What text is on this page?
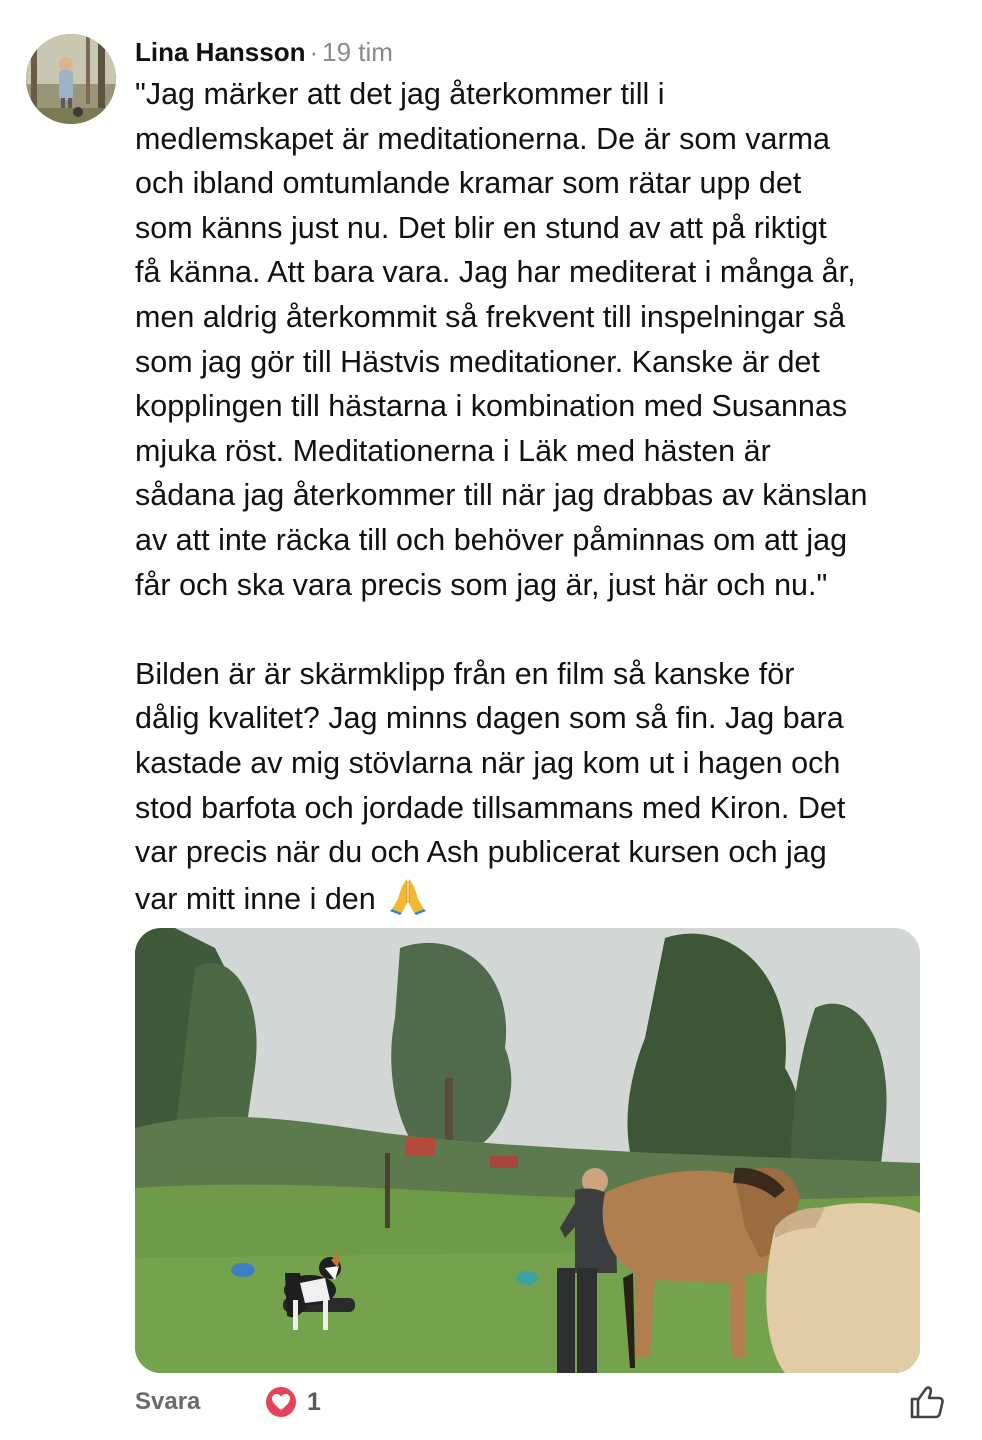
Lina Hansson · 19 tim

"Jag märker att det jag återkommer till i
medlemskapet är meditationerna. De är som varma
och ibland omtumlande kramar som rätar upp det
som känns just nu. Det blir en stund av att på riktigt
få känna. Att bara vara. Jag har mediterat i många år,
men aldrig återkommit så frekvent till inspelningar så
som jag gör till Hästvis meditationer. Kanske är det
kopplingen till hästarna i kombination med Susannas
mjuka röst. Meditationerna i Läk med hästen är
sådana jag återkommer till när jag drabbas av känslan
av att inte räcka till och behöver påminnas om att jag
får och ska vara precis som jag är, just här och nu."

Bilden är är skärmklipp från en film så kanske för
dålig kvalitet? Jag minns dagen som så fin. Jag bara
kastade av mig stövlarna när jag kom ut i hagen och
stod barfota och jordade tillsammans med Kiron. Det
var precis när du och Ash publicerat kursen och jag
var mitt inne i den

Svara	1
